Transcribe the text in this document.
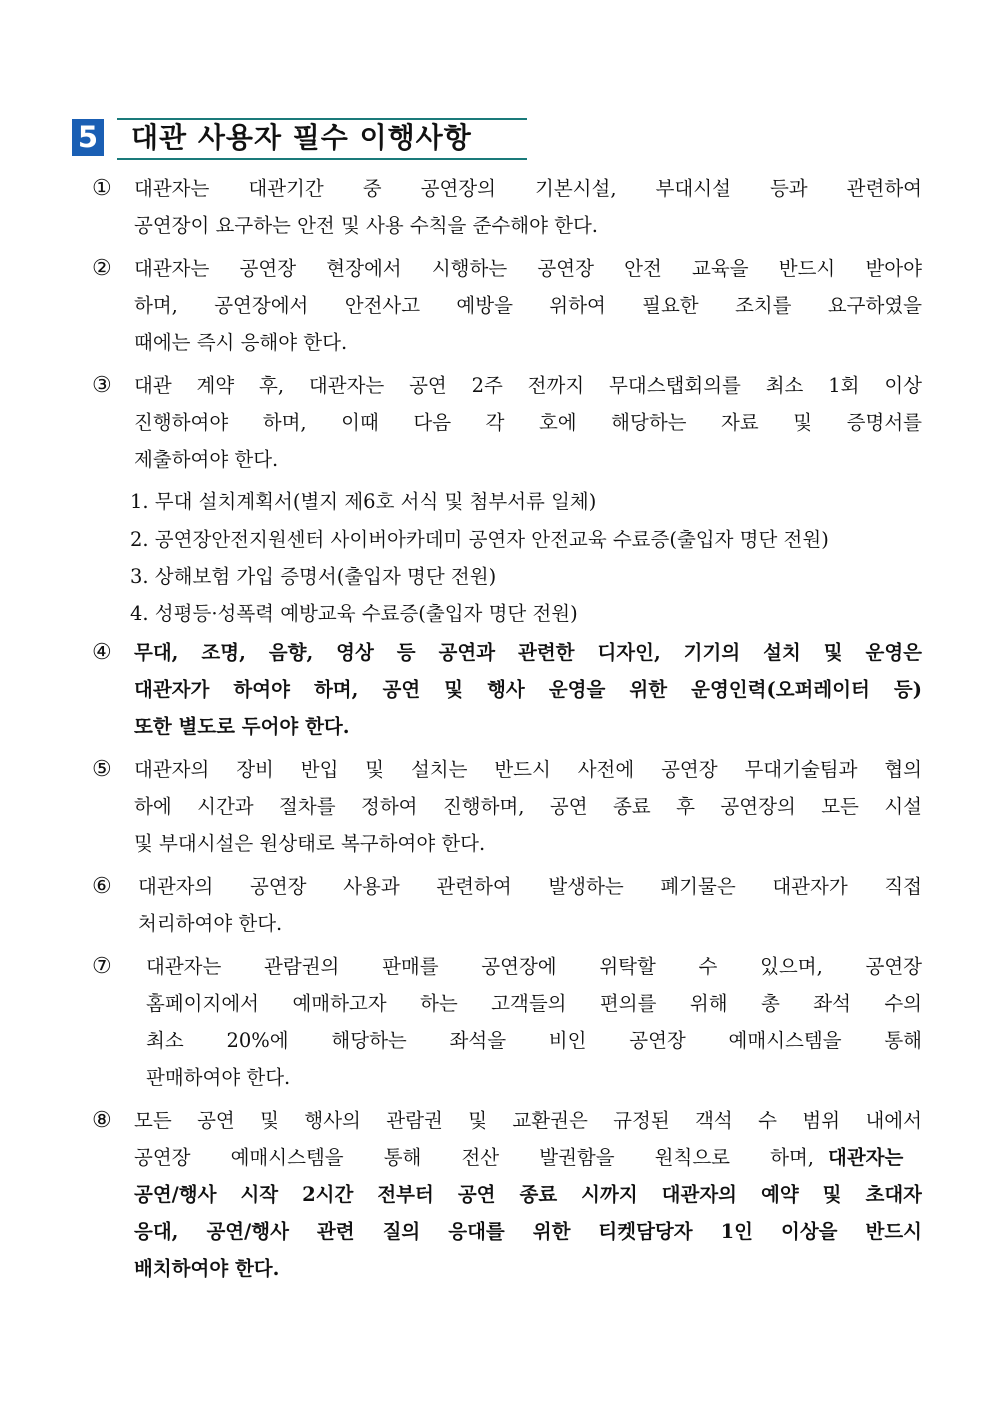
5 대관 사용자 필수 이행사항
① 대관자는 대관기간 중 공연장의 기본시설, 부대시설 등과 관련하여
공연장이 요구하는 안전 및 사용 수칙을 준수해야 한다.
② 대관자는 공연장 현장에서 시행하는 공연장 안전 교육을 반드시 받아야
하며, 공연장에서 안전사고 예방을 위하여 필요한 조치를 요구하였을
때에는 즉시 응해야 한다.
③ 대관 계약 후, 대관자는 공연 2주 전까지 무대스탭회의를 최소 1회 이상
진행하여야 하며, 이때 다음 각 호에 해당하는 자료 및 증명서를
제출하여야 한다.
1. 무대 설치계획서(별지 제6호 서식 및 첨부서류 일체)
2. 공연장안전지원센터 사이버아카데미 공연자 안전교육 수료증(출입자 명단 전원)
3. 상해보험 가입 증명서(출입자 명단 전원)
4. 성평등·성폭력 예방교육 수료증(출입자 명단 전원)
④ 무대, 조명, 음향, 영상 등 공연과 관련한 디자인, 기기의 설치 및 운영은
대관자가 하여야 하며, 공연 및 행사 운영을 위한 운영인력(오퍼레이터 등)
또한 별도로 두어야 한다.
⑤ 대관자의 장비 반입 및 설치는 반드시 사전에 공연장 무대기술팀과 협의
하에 시간과 절차를 정하여 진행하며, 공연 종료 후 공연장의 모든 시설
및 부대시설은 원상태로 복구하여야 한다.
⑥ 대관자의 공연장 사용과 관련하여 발생하는 폐기물은 대관자가 직접
처리하여야 한다.
⑦ 대관자는 관람권의 판매를 공연장에 위탁할 수 있으며, 공연장
홈페이지에서 예매하고자 하는 고객들의 편의를 위해 총 좌석 수의
최소 20%에 해당하는 좌석을 비인 공연장 예매시스템을 통해
판매하여야 한다.
⑧ 모든 공연 및 행사의 관람권 및 교환권은 규정된 객석 수 범위 내에서
공연장 예매시스템을 통해 전산 발권함을 원칙으로 하며, 대관자는
공연/행사 시작 2시간 전부터 공연 종료 시까지 대관자의 예약 및 초대자
응대, 공연/행사 관련 질의 응대를 위한 티켓담당자 1인 이상을 반드시
배치하여야 한다.
